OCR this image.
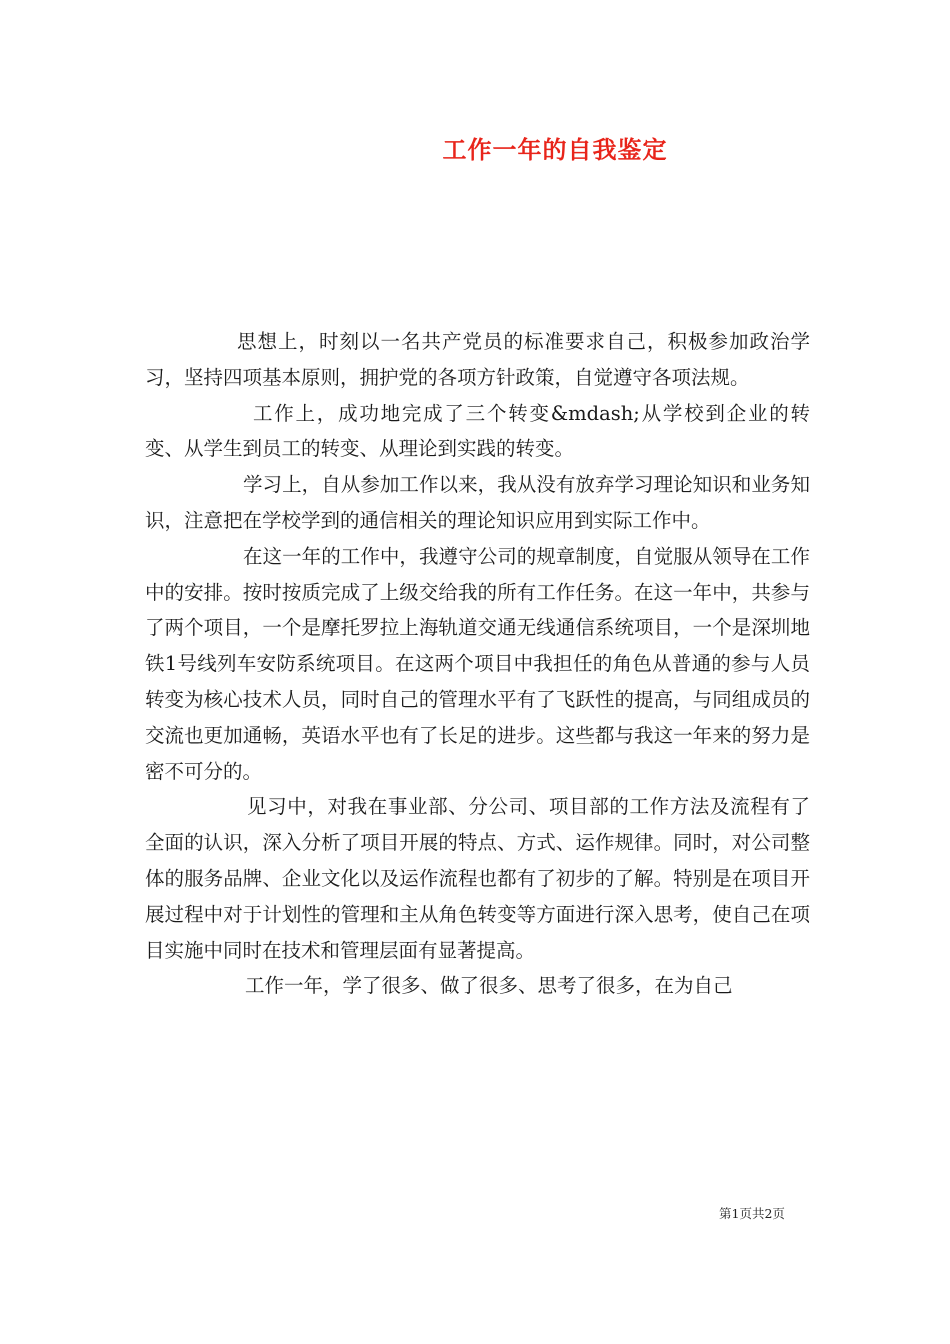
工作一年的自我鉴定

思想上，时刻以一名共产党员的标准要求自己，积极参加政治学习，坚持四项基本原则，拥护党的各项方针政策，自觉遵守各项法规。

工作上，成功地完成了三个转变&mdash;从学校到企业的转变、从学生到员工的转变、从理论到实践的转变。

学习上，自从参加工作以来，我从没有放弃学习理论知识和业务知识，注意把在学校学到的通信相关的理论知识应用到实际工作中。

在这一年的工作中，我遵守公司的规章制度，自觉服从领导在工作中的安排。按时按质完成了上级交给我的所有工作任务。在这一年中，共参与了两个项目，一个是摩托罗拉上海轨道交通无线通信系统项目，一个是深圳地铁1号线列车安防系统项目。在这两个项目中我担任的角色从普通的参与人员转变为核心技术人员，同时自己的管理水平有了飞跃性的提高，与同组成员的交流也更加通畅，英语水平也有了长足的进步。这些都与我这一年来的努力是密不可分的。

见习中，对我在事业部、分公司、项目部的工作方法及流程有了全面的认识，深入分析了项目开展的特点、方式、运作规律。同时，对公司整体的服务品牌、企业文化以及运作流程也都有了初步的了解。特别是在项目开展过程中对于计划性的管理和主从角色转变等方面进行深入思考，使自己在项目实施中同时在技术和管理层面有显著提高。

工作一年，学了很多、做了很多、思考了很多，在为自己

第1页共2页
